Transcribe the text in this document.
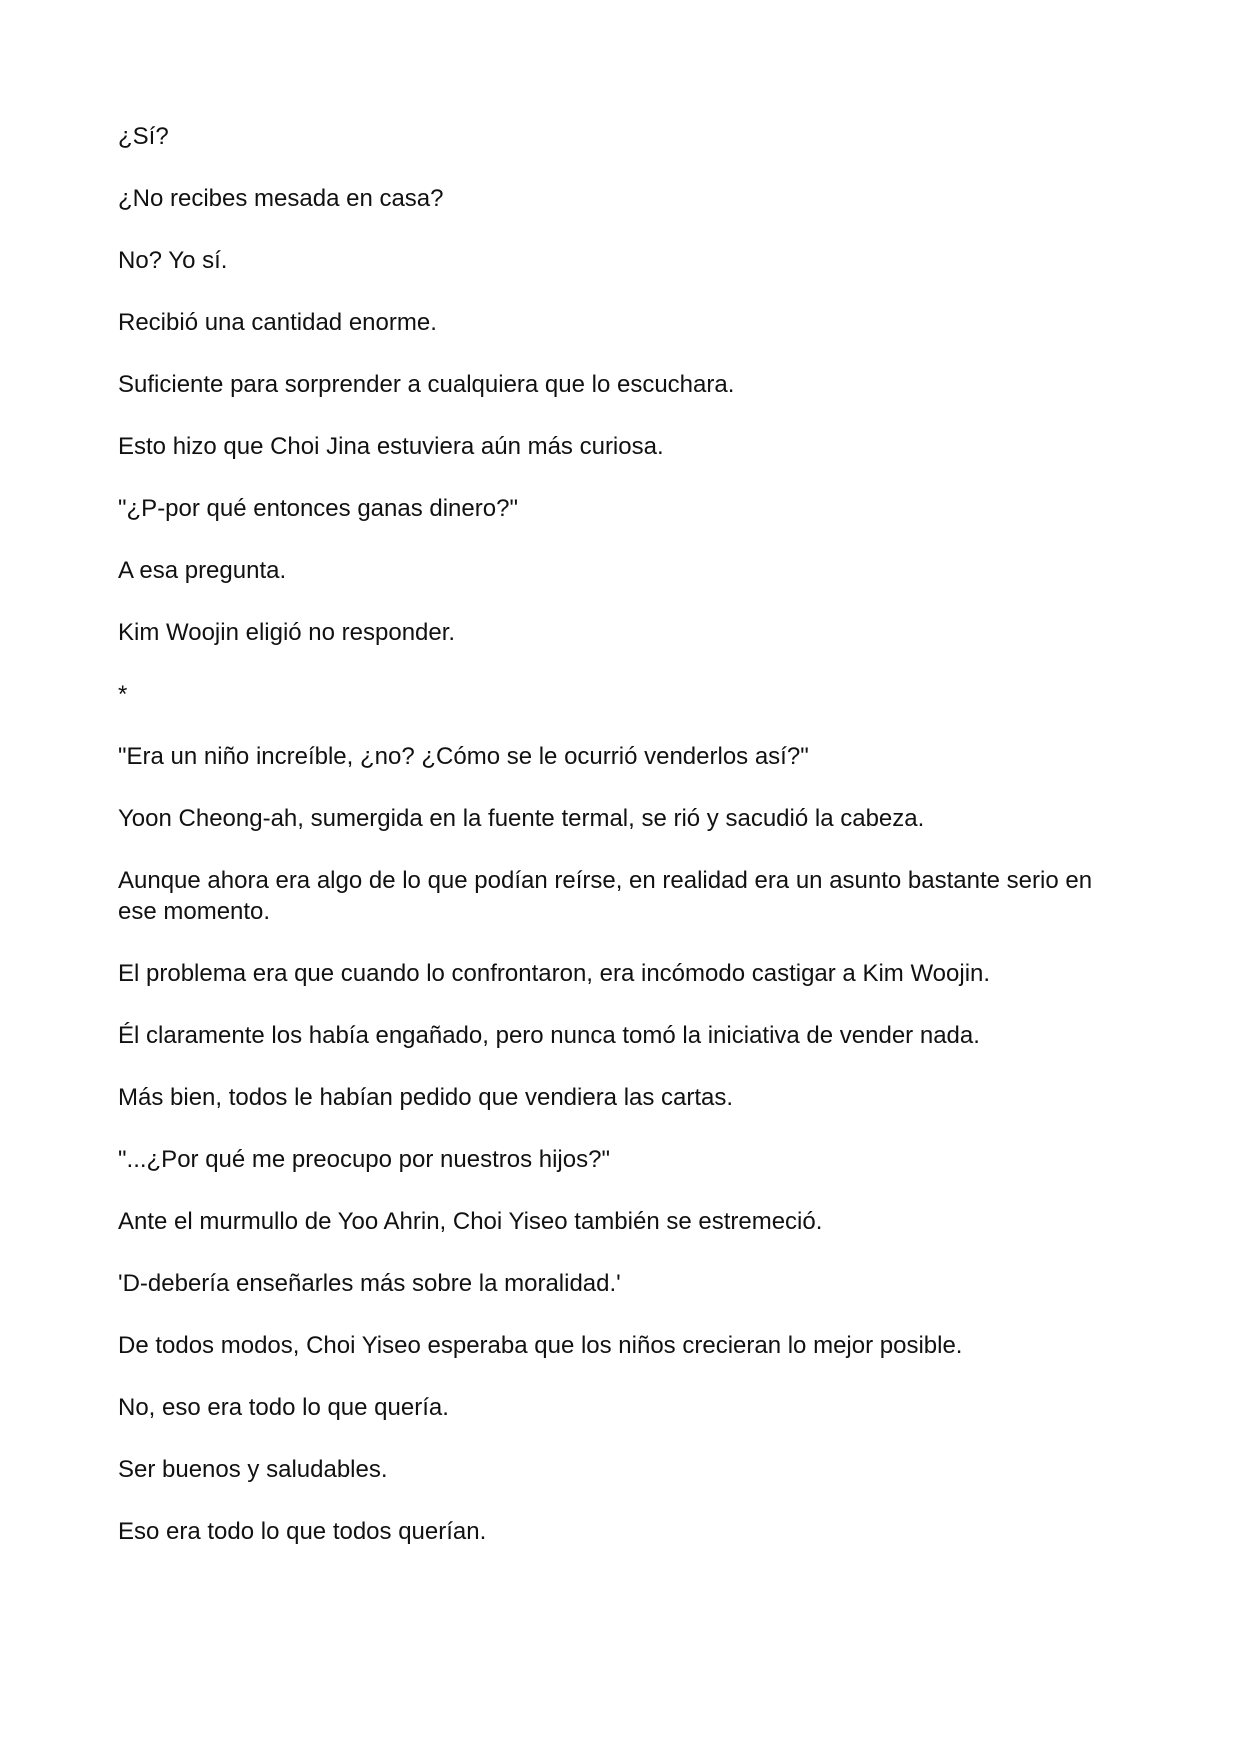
¿Sí?

¿No recibes mesada en casa?

No? Yo sí.

Recibió una cantidad enorme.

Suficiente para sorprender a cualquiera que lo escuchara.

Esto hizo que Choi Jina estuviera aún más curiosa.

"¿P-por qué entonces ganas dinero?"

A esa pregunta.

Kim Woojin eligió no responder.

*

"Era un niño increíble, ¿no? ¿Cómo se le ocurrió venderlos así?"

Yoon Cheong-ah, sumergida en la fuente termal, se rió y sacudió la cabeza.

Aunque ahora era algo de lo que podían reírse, en realidad era un asunto bastante serio en ese momento.

El problema era que cuando lo confrontaron, era incómodo castigar a Kim Woojin.

Él claramente los había engañado, pero nunca tomó la iniciativa de vender nada.

Más bien, todos le habían pedido que vendiera las cartas.

"...¿Por qué me preocupo por nuestros hijos?"

Ante el murmullo de Yoo Ahrin, Choi Yiseo también se estremeció.

'D-debería enseñarles más sobre la moralidad.'

De todos modos, Choi Yiseo esperaba que los niños crecieran lo mejor posible.

No, eso era todo lo que quería.

Ser buenos y saludables.

Eso era todo lo que todos querían.
